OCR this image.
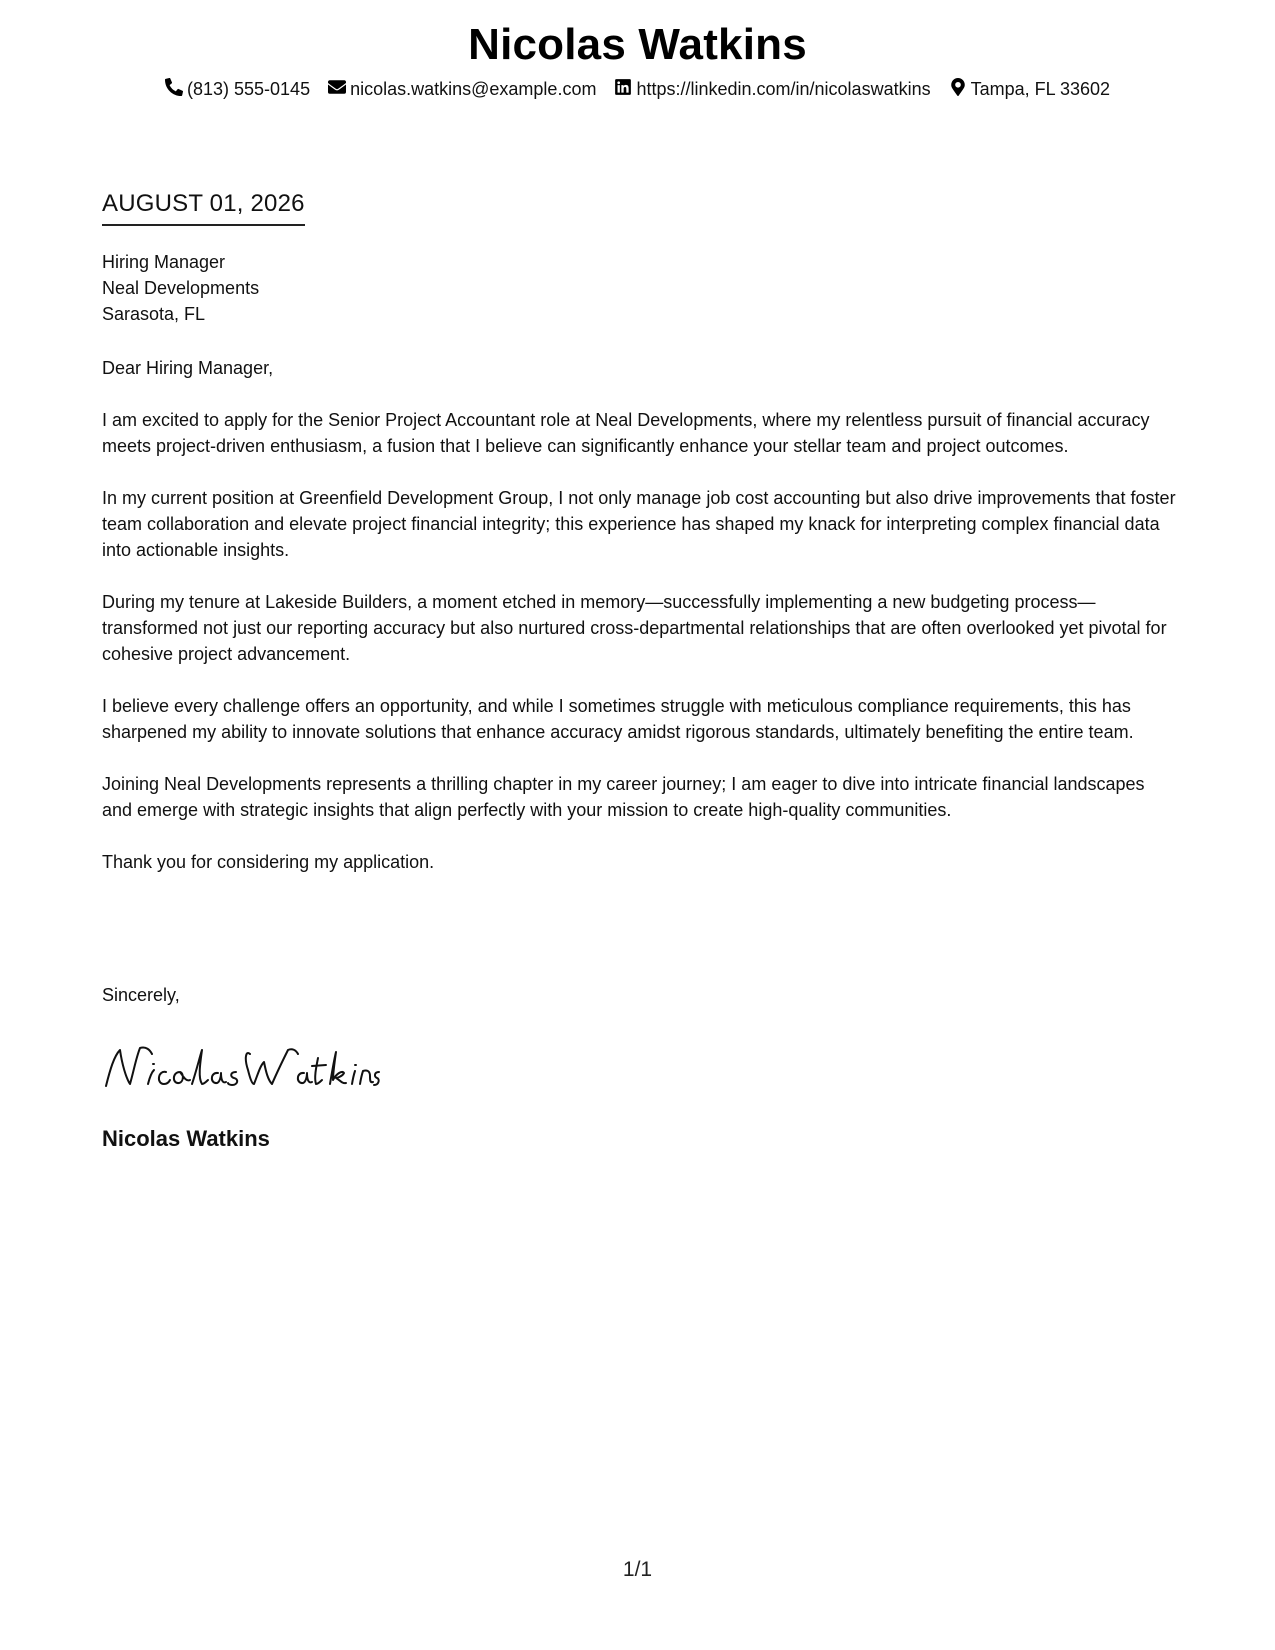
Nicolas Watkins
(813) 555-0145 nicolas.watkins@example.com https://linkedin.com/in/nicolaswatkins Tampa, FL 33602
AUGUST 01, 2026
Hiring Manager
Neal Developments
Sarasota, FL

Dear Hiring Manager,

I am excited to apply for the Senior Project Accountant role at Neal Developments, where my relentless pursuit of financial accuracy meets project-driven enthusiasm, a fusion that I believe can significantly enhance your stellar team and project outcomes.

In my current position at Greenfield Development Group, I not only manage job cost accounting but also drive improvements that foster team collaboration and elevate project financial integrity; this experience has shaped my knack for interpreting complex financial data into actionable insights.

During my tenure at Lakeside Builders, a moment etched in memory—successfully implementing a new budgeting process—transformed not just our reporting accuracy but also nurtured cross-departmental relationships that are often overlooked yet pivotal for cohesive project advancement.

I believe every challenge offers an opportunity, and while I sometimes struggle with meticulous compliance requirements, this has sharpened my ability to innovate solutions that enhance accuracy amidst rigorous standards, ultimately benefiting the entire team.

Joining Neal Developments represents a thrilling chapter in my career journey; I am eager to dive into intricate financial landscapes and emerge with strategic insights that align perfectly with your mission to create high-quality communities.

Thank you for considering my application.

Sincerely,
Nicolas Watkins
1/1
